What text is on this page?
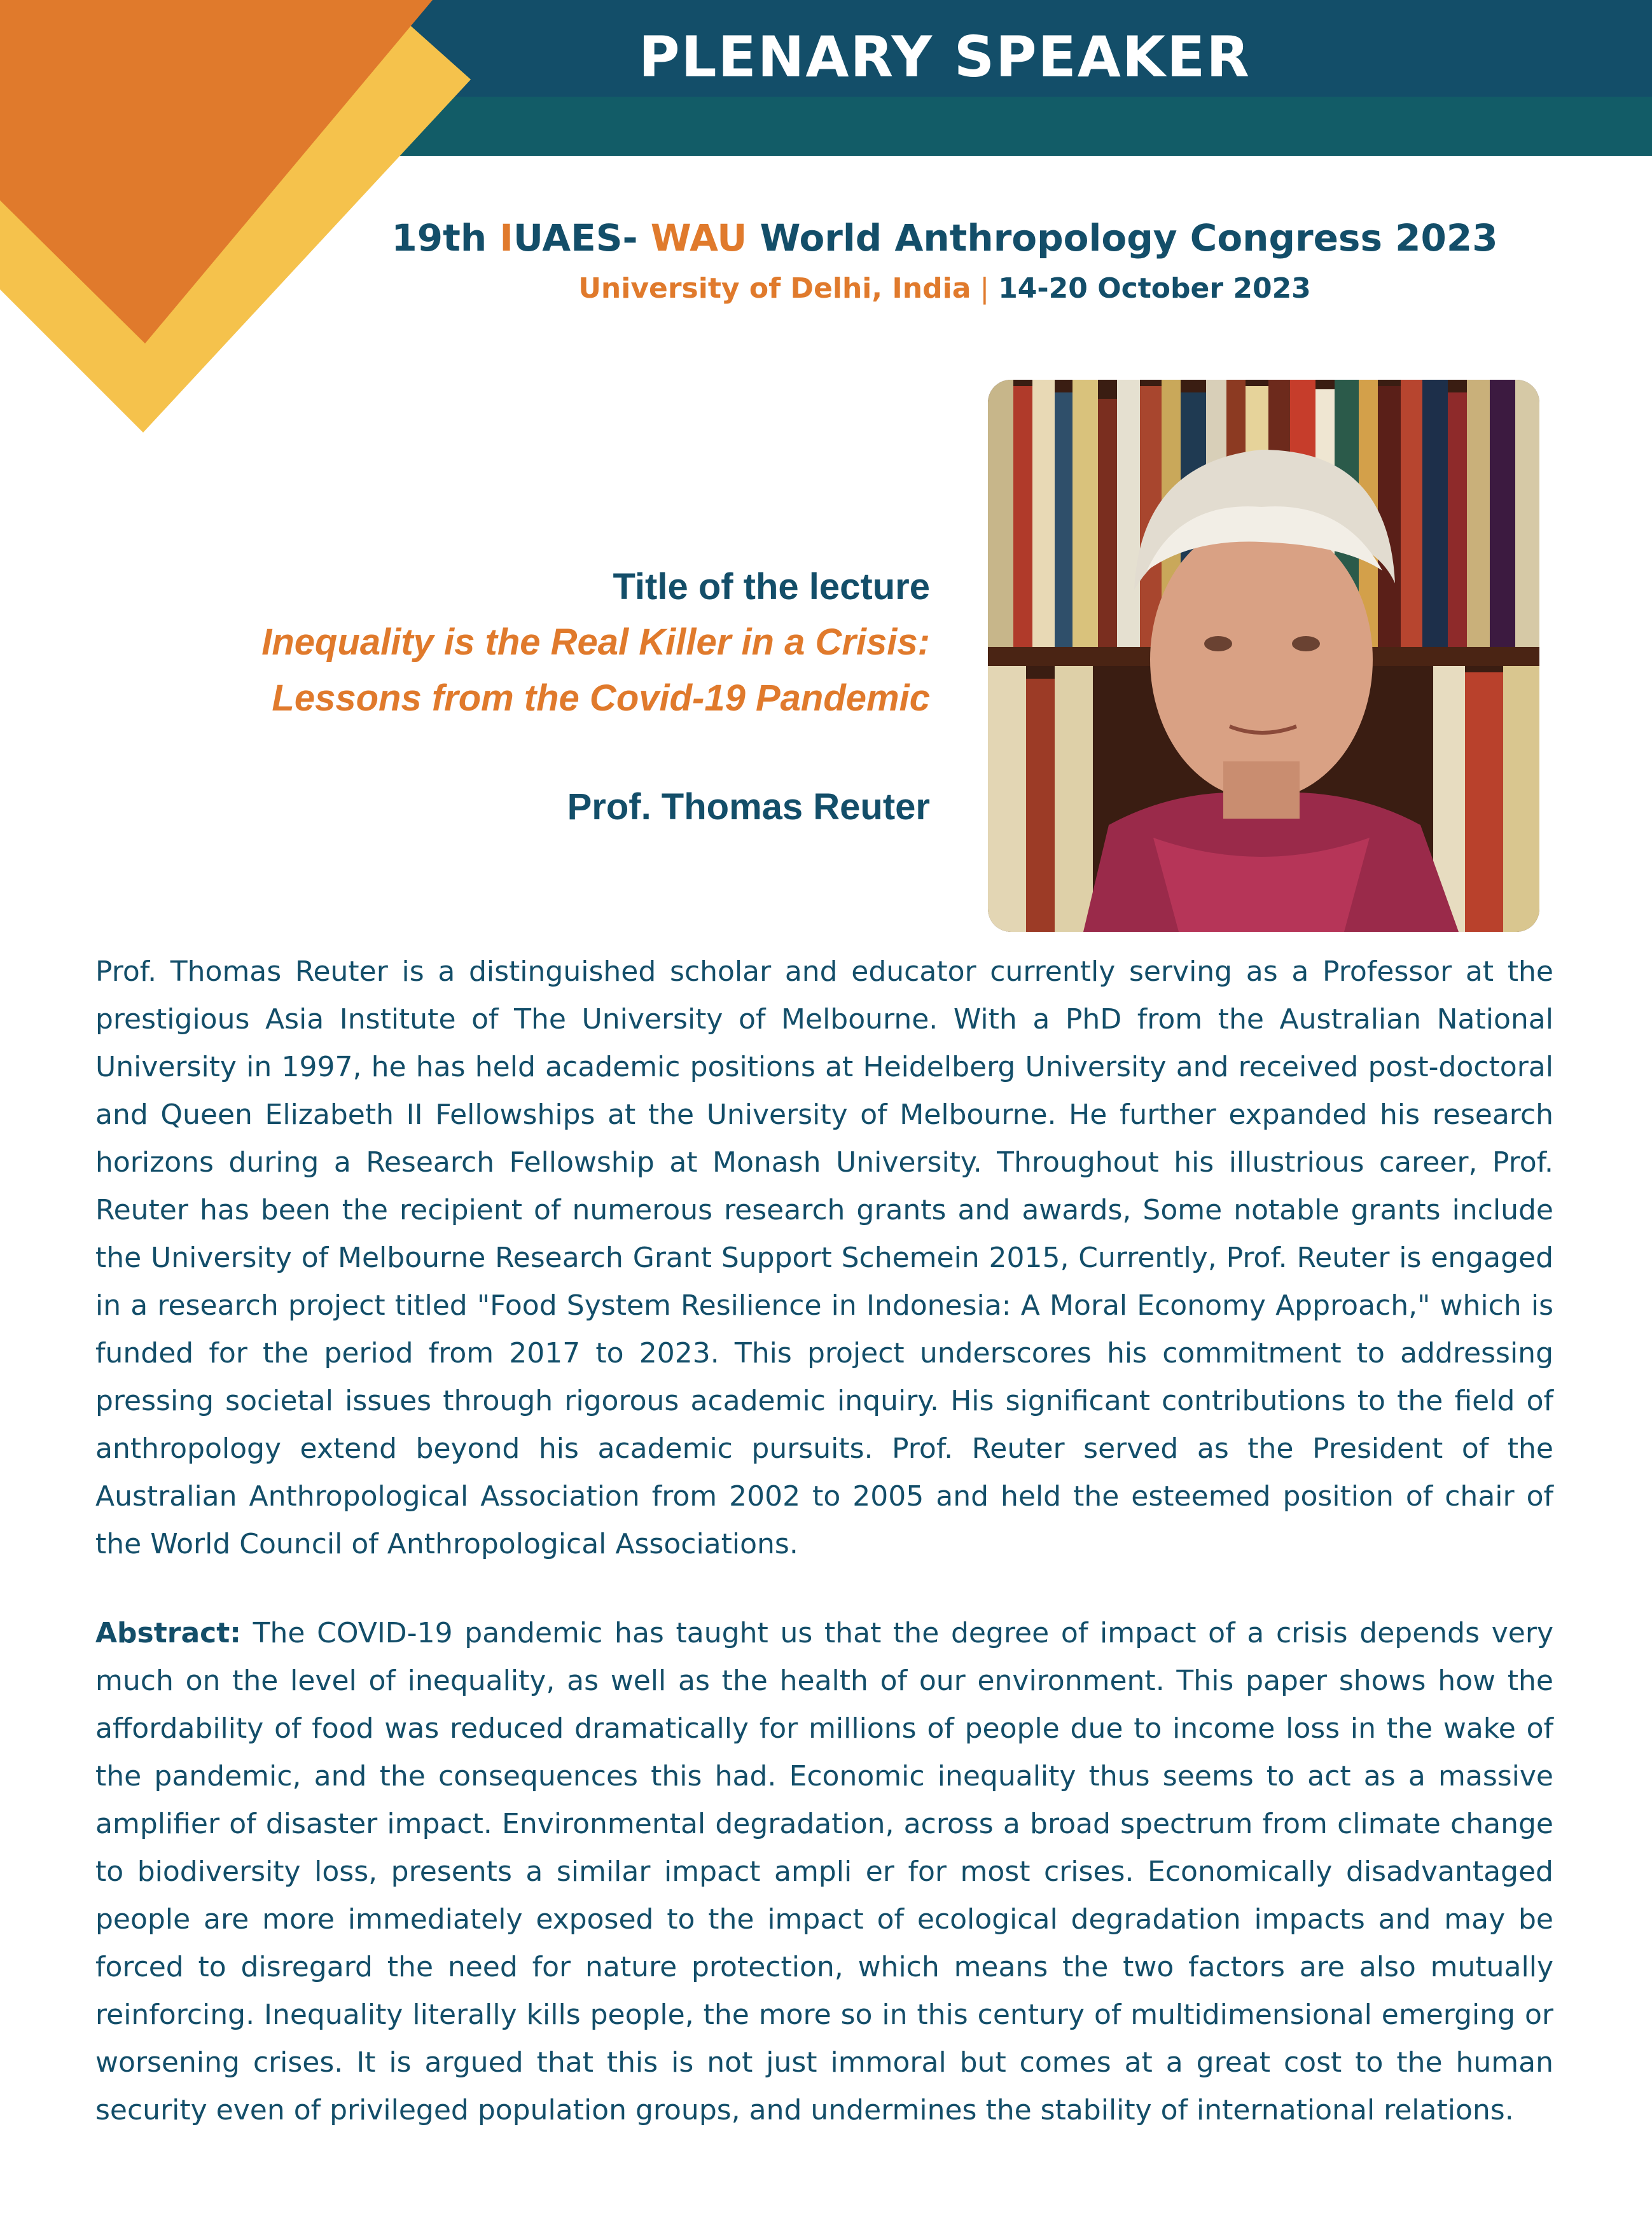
PLENARY SPEAKER
19th IUAES- WAU World Anthropology Congress 2023
University of Delhi, India | 14-20 October 2023
Title of the lecture
Inequality is the Real Killer in a Crisis:
Lessons from the Covid-19 Pandemic
Prof. Thomas Reuter
Prof. Thomas Reuter is a distinguished scholar and educator currently serving as a Professor at the prestigious Asia Institute of The University of Melbourne. With a PhD from the Australian National University in 1997, he has held academic positions at Heidelberg University and received post-doctoral and Queen Elizabeth II Fellowships at the University of Melbourne. He further expanded his research horizons during a Research Fellowship at Monash University. Throughout his illustrious career, Prof. Reuter has been the recipient of numerous research grants and awards, Some notable grants include the University of Melbourne Research Grant Support Schemein 2015, Currently, Prof. Reuter is engaged in a research project titled "Food System Resilience in Indonesia: A Moral Economy Approach," which is funded for the period from 2017 to 2023. This project underscores his commitment to addressing pressing societal issues through rigorous academic inquiry. His significant contributions to the field of anthropology extend beyond his academic pursuits. Prof. Reuter served as the President of the Australian Anthropological Association from 2002 to 2005 and held the esteemed position of chair of the World Council of Anthropological Associations.
Abstract: The COVID-19 pandemic has taught us that the degree of impact of a crisis depends very much on the level of inequality, as well as the health of our environment. This paper shows how the affordability of food was reduced dramatically for millions of people due to income loss in the wake of the pandemic, and the consequences this had. Economic inequality thus seems to act as a massive amplifier of disaster impact. Environmental degradation, across a broad spectrum from climate change to biodiversity loss, presents a similar impact ampli er for most crises. Economically disadvantaged people are more immediately exposed to the impact of ecological degradation impacts and may be forced to disregard the need for nature protection, which means the two factors are also mutually reinforcing. Inequality literally kills people, the more so in this century of multidimensional emerging or worsening crises. It is argued that this is not just immoral but comes at a great cost to the human security even of privileged population groups, and undermines the stability of international relations.
